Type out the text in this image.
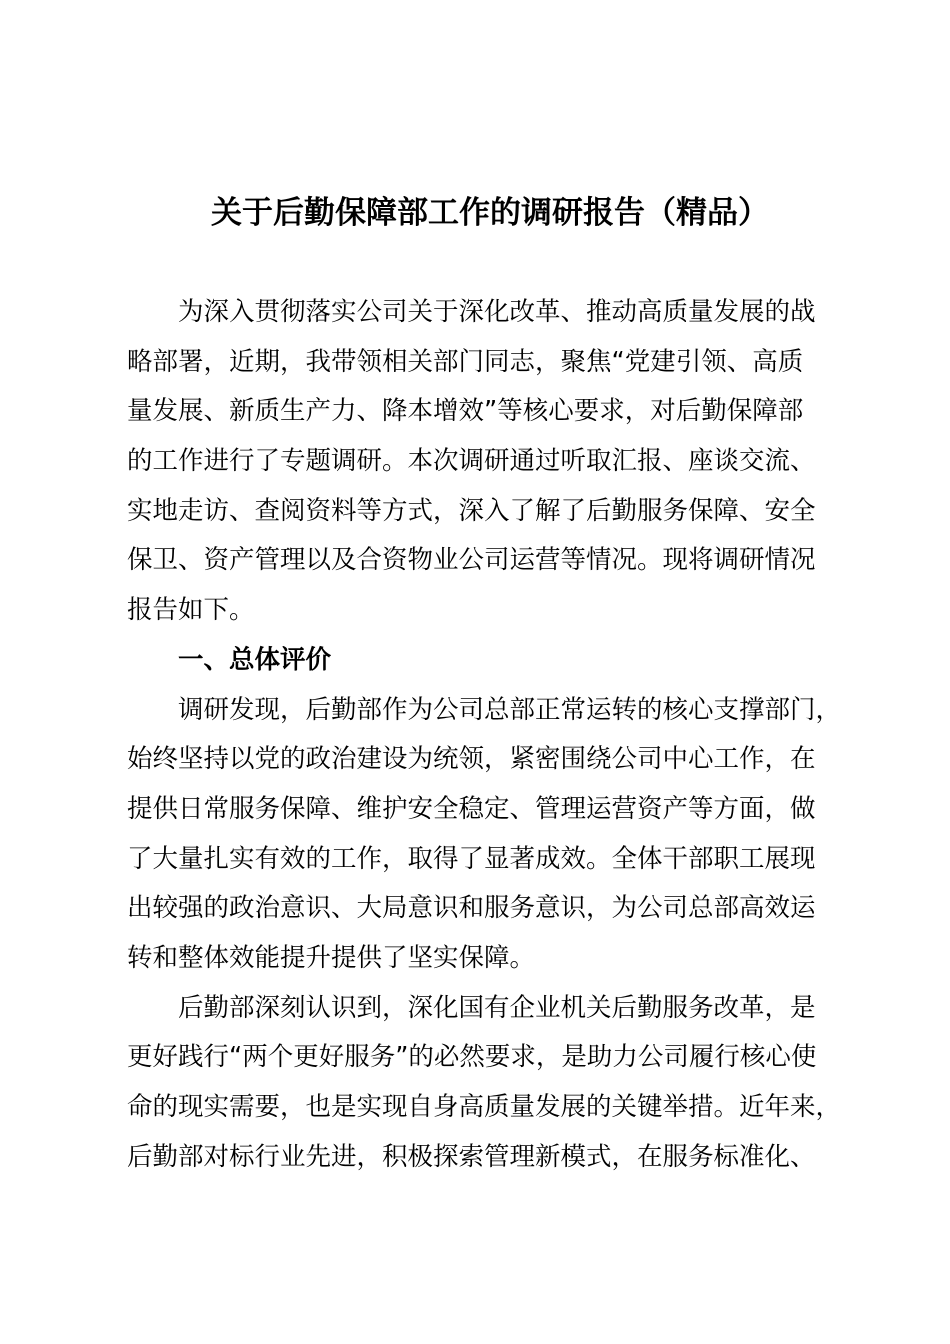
关于后勤保障部工作的调研报告（精品）
为深入贯彻落实公司关于深化改革、推动高质量发展的战
略部署，近期，我带领相关部门同志，聚焦“党建引领、高质
量发展、新质生产力、降本增效”等核心要求，对后勤保障部
的工作进行了专题调研。本次调研通过听取汇报、座谈交流、
实地走访、查阅资料等方式，深入了解了后勤服务保障、安全
保卫、资产管理以及合资物业公司运营等情况。现将调研情况
报告如下。
一、总体评价
调研发现，后勤部作为公司总部正常运转的核心支撑部门，
始终坚持以党的政治建设为统领，紧密围绕公司中心工作，在
提供日常服务保障、维护安全稳定、管理运营资产等方面，做
了大量扎实有效的工作，取得了显著成效。全体干部职工展现
出较强的政治意识、大局意识和服务意识，为公司总部高效运
转和整体效能提升提供了坚实保障。
后勤部深刻认识到，深化国有企业机关后勤服务改革，是
更好践行“两个更好服务”的必然要求，是助力公司履行核心使
命的现实需要，也是实现自身高质量发展的关键举措。近年来，
后勤部对标行业先进，积极探索管理新模式，在服务标准化、
